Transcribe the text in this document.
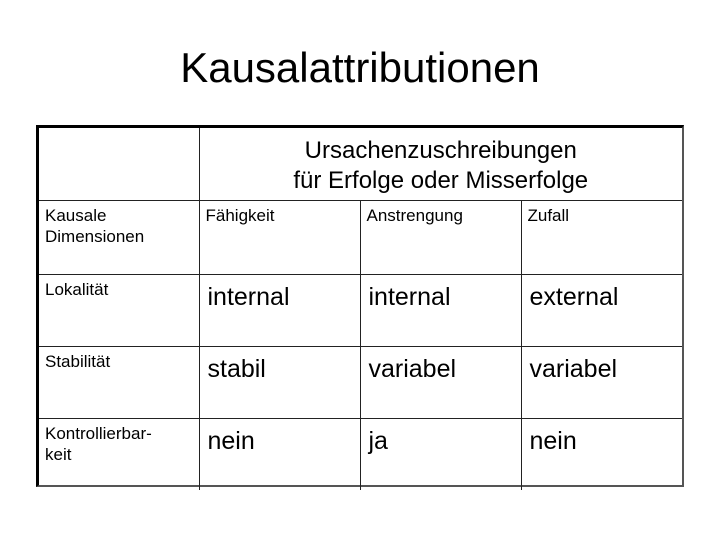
Kausalattributionen

	Ursachenzuschreibungen
für Erfolge oder Misserfolge		

Kausale
Dimensionen	Fähigkeit	Anstrengung	Zufall

Lokalität	internal	internal	external

Stabilität	stabil	variabel	variabel

Kontrollierbar-
keit	nein	ja	nein
